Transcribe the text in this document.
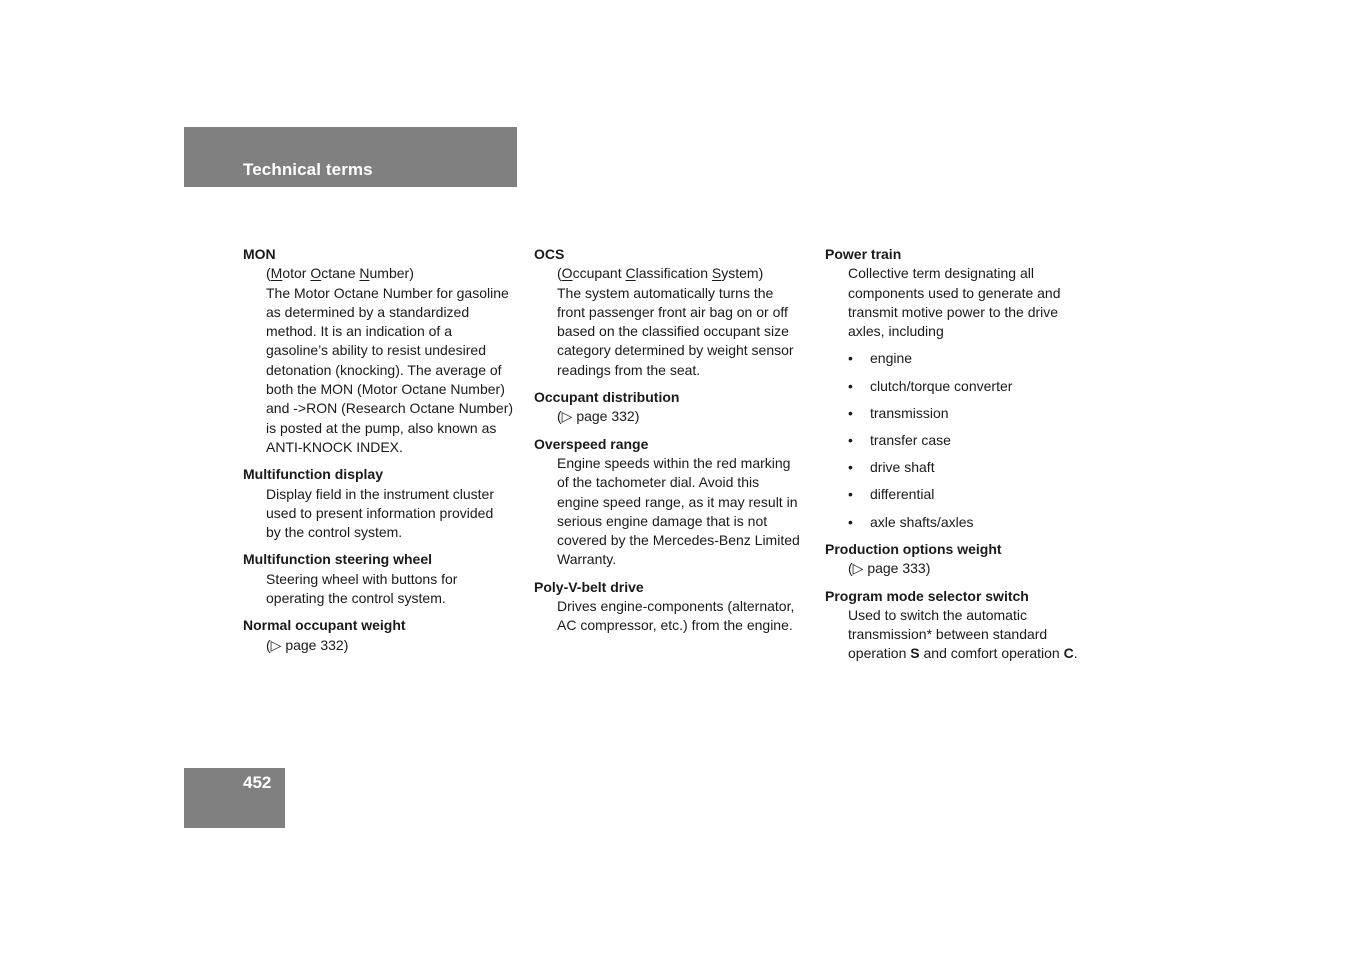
Technical terms
MON
(Motor Octane Number)
The Motor Octane Number for gasoline
as determined by a standardized
method. It is an indication of a
gasoline’s ability to resist undesired
detonation (knocking). The average of
both the MON (Motor Octane Number)
and ->RON (Research Octane Number)
is posted at the pump, also known as
ANTI-KNOCK INDEX.
Multifunction display
Display field in the instrument cluster
used to present information provided
by the control system.
Multifunction steering wheel
Steering wheel with buttons for
operating the control system.
Normal occupant weight
(▷ page 332)
OCS
(Occupant Classification System)
The system automatically turns the
front passenger front air bag on or off
based on the classified occupant size
category determined by weight sensor
readings from the seat.
Occupant distribution
(▷ page 332)
Overspeed range
Engine speeds within the red marking
of the tachometer dial. Avoid this
engine speed range, as it may result in
serious engine damage that is not
covered by the Mercedes-Benz Limited
Warranty.
Poly-V-belt drive
Drives engine-components (alternator,
AC compressor, etc.) from the engine.
Power train
Collective term designating all
components used to generate and
transmit motive power to the drive
axles, including
• engine
• clutch/torque converter
• transmission
• transfer case
• drive shaft
• differential
• axle shafts/axles
Production options weight
(▷ page 333)
Program mode selector switch
Used to switch the automatic
transmission* between standard
operation S and comfort operation C.
452
